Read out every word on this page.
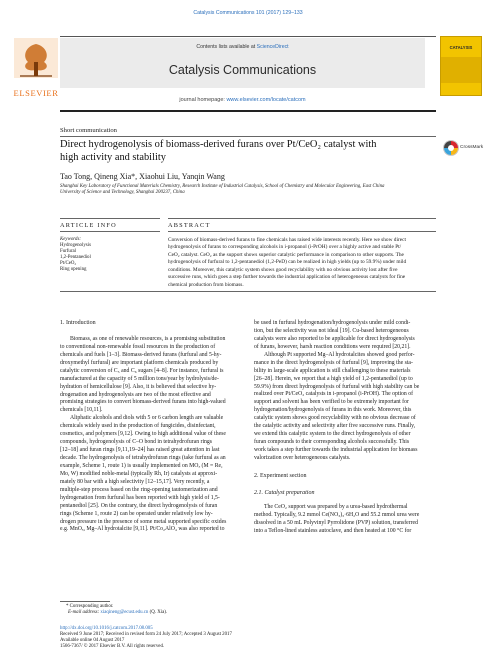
Catalysis Communications 101 (2017) 129–133
Contents lists available at ScienceDirect
Catalysis Communications
journal homepage: www.elsevier.com/locate/catcom
ELSEVIER
CATALYSIS
Short communication
Direct hydrogenolysis of biomass-derived furans over Pt/CeO₂ catalyst with
high activity and stability
CrossMark
Tao Tong, Qineng Xia*, Xiaohui Liu, Yanqin Wang
Shanghai Key Laboratory of Functional Materials Chemistry, Research Institute of Industrial Catalysis, School of Chemistry and Molecular Engineering, East China
University of Science and Technology, Shanghai 200237, China
ARTICLE INFO	ABSTRACT
Keywords:
Hydrogenolysis
Furfural
1,2-Pentanediol
Pt/CeO₂
Ring opening
Conversion of biomass-derived furans to fine chemicals has raised wide interests recently. Here we show direct
hydrogenolysis of furans to corresponding alcohols in i-propanol (i-PrOH) over a highly active and stable Pt/
CeO₂ catalyst. CeO₂ as the support shows superior catalytic performance in comparison to other supports. The
hydrogenolysis of furfural to 1,2-pentanediol (1,2-PeD) can be realized in high yields (up to 59.9%) under mild
conditions. Moreover, this catalytic system shows good recyclability with no obvious activity lost after five
successive runs, which goes a step further towards the industrial application of heterogeneous catalysts for fine
chemical production from biomass.
1. Introduction
Biomass, as one of renewable resources, is a promising substitution
to conventional non-renewable fossil resources in the production of
chemicals and fuels [1–3]. Biomass-derived furans (furfural and 5-hy-
droxymethyl furfural) are important platform chemicals produced by
catalytic conversion of C₅ and C₆ sugars [4–8]. For instance, furfural is
manufactured at the capacity of 5 million tons/year by hydrolysis/de-
hydration of hemicellulose [9]. Also, it is believed that selective hy-
drogenation and hydrogenolysis are two of the most effective and
promising strategies to convert biomass-derived furans into high-valued
chemicals [10,11].
Aliphatic alcohols and diols with 5 or 6 carbon length are valuable
chemicals widely used in the production of fungicides, disinfectant,
cosmetics, and polymers [9,12]. Owing to high additional value of these
compounds, hydrogenolysis of C–O bond in tetrahydrofuran rings
[12–18] and furan rings [9,11,19–24] has raised great attention in last
decade. The hydrogenolysis of tetrahydrofuran rings (take furfural as an
example, Scheme 1, route 1) is usually implemented on MOₓ (M = Re,
Mo, W) modified noble-metal (typically Rh, Ir) catalysts at approxi-
mately 80 bar with a high selectivity [12–15,17]. Very recently, a
multiple-step process based on the ring-opening tautomerization and
hydrogenation from furfural has been reported with high yield of 1,5-
pentanediol [25]. On the contrary, the direct hydrogenolysis of furan
rings (Scheme 1, route 2) can be operated under relatively low hy-
drogen pressure in the presence of some metal supported specific oxides
e.g. MnOₓ, Mg–Al hydrotalcite [9,11]. Pt/Co₂AlO₄ was also reported to
be used in furfural hydrogenation/hydrogenolysis under mild condi-
tion, but the selectivity was not ideal [19]. Cu-based heterogeneous
catalysts were also reported to be applicable for direct hydrogenolysis
of furans, however, harsh reaction conditions were required [20,21].
Although Pt supported Mg–Al hydrotalcites showed good perfor-
mance in the direct hydrogenolysis of furfural [9], improving the sta-
bility in large-scale application is still challenging to these materials
[26–28]. Herein, we report that a high yield of 1,2-pentanediol (up to
59.9%) from direct hydrogenolysis of furfural with high stability can be
realized over Pt/CeO₂ catalysts in i-propanol (i-PrOH). The option of
support and solvent has been verified to be extremely important for
hydrogenation/hydrogenolysis of furans in this work. Moreover, this
catalytic system shows good recyclability with no obvious decrease of
the catalytic activity and selectivity after five successive runs. Finally,
we extend this catalytic system to the direct hydrogenolysis of other
furan compounds to their corresponding alcohols successfully. This
work takes a step further towards the industrial application for biomass
valorization over heterogeneous catalysts.
2. Experiment section
2.1. Catalyst preparation
The CeO₂ support was prepared by a urea-based hydrothermal
method. Typically, 9.2 mmol Ce(NO₃)₃·6H₂O and 55.2 mmol urea were
dissolved in a 50 mL Polyvinyl Pyrrolidone (PVP) solution, transferred
into a Teflon-lined stainless autoclave, and then heated at 100 °C for
* Corresponding author.
E-mail address: xiaqineng@ecust.edu.cn (Q. Xia).
http://dx.doi.org/10.1016/j.catcom.2017.08.005
Received 9 June 2017; Received in revised form 24 July 2017; Accepted 3 August 2017
Available online 04 August 2017
1566-7367/ © 2017 Elsevier B.V. All rights reserved.
